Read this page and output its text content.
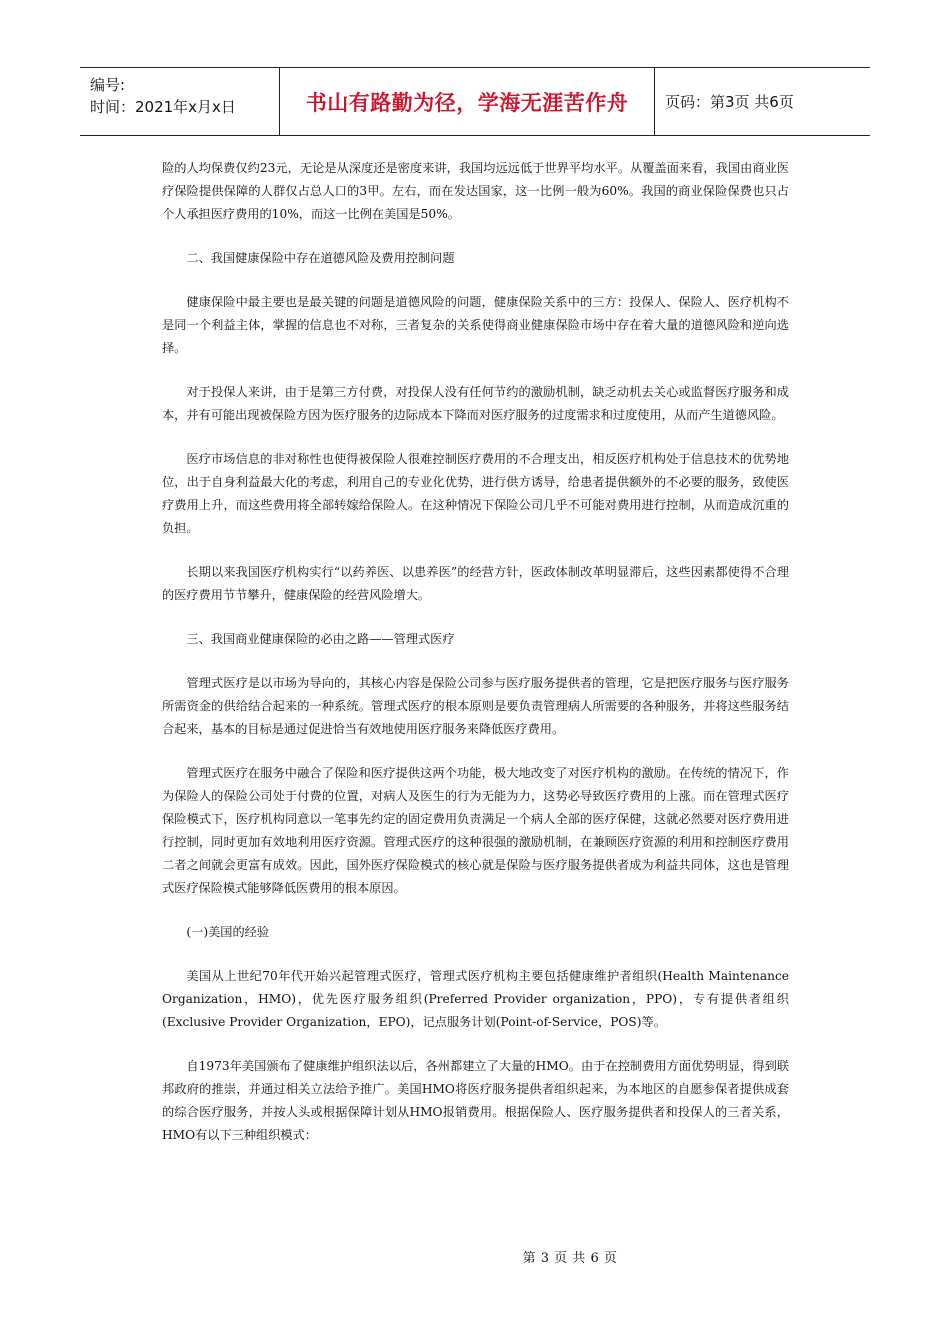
编号:
时间：2021年x月x日	书山有路勤为径，学海无涯苦作舟	页码：第3页 共6页

险的人均保费仅约23元，无论是从深度还是密度来讲，我国均远远低于世界平均水平。从覆盖面来看，我国由商业医疗保险提供保障的人群仅占总人口的3甲。左右，而在发达国家，这一比例一般为60%。我国的商业保险保费也只占个人承担医疗费用的10%，而这一比例在美国是50%。

二、我国健康保险中存在道德风险及费用控制问题

健康保险中最主要也是最关键的问题是道德风险的问题，健康保险关系中的三方：投保人、保险人、医疗机构不是同一个利益主体，掌握的信息也不对称，三者复杂的关系使得商业健康保险市场中存在着大量的道德风险和逆向选择。

对于投保人来讲，由于是第三方付费，对投保人没有任何节约的激励机制，缺乏动机去关心或监督医疗服务和成本，并有可能出现被保险方因为医疗服务的边际成本下降而对医疗服务的过度需求和过度使用，从而产生道德风险。

医疗市场信息的非对称性也使得被保险人很难控制医疗费用的不合理支出，相反医疗机构处于信息技术的优势地位，出于自身利益最大化的考虑，利用自己的专业化优势，进行供方诱导，给患者提供额外的不必要的服务，致使医疗费用上升，而这些费用将全部转嫁给保险人。在这种情况下保险公司几乎不可能对费用进行控制，从而造成沉重的负担。

长期以来我国医疗机构实行“以药养医、以患养医”的经营方针，医政体制改革明显滞后，这些因素都使得不合理的医疗费用节节攀升，健康保险的经营风险增大。

三、我国商业健康保险的必由之路——管理式医疗

管理式医疗是以市场为导向的，其核心内容是保险公司参与医疗服务提供者的管理，它是把医疗服务与医疗服务所需资金的供给结合起来的一种系统。管理式医疗的根本原则是要负责管理病人所需要的各种服务，并将这些服务结合起来，基本的目标是通过促进恰当有效地使用医疗服务来降低医疗费用。

管理式医疗在服务中融合了保险和医疗提供这两个功能，极大地改变了对医疗机构的激励。在传统的情况下，作为保险人的保险公司处于付费的位置，对病人及医生的行为无能为力，这势必导致医疗费用的上涨。而在管理式医疗保险模式下，医疗机构同意以一笔事先约定的固定费用负责满足一个病人全部的医疗保健，这就必然要对医疗费用进行控制，同时更加有效地利用医疗资源。管理式医疗的这种很强的激励机制，在兼顾医疗资源的利用和控制医疗费用二者之间就会更富有成效。因此，国外医疗保险模式的核心就是保险与医疗服务提供者成为利益共同体，这也是管理式医疗保险模式能够降低医费用的根本原因。

(一)美国的经验

美国从上世纪70年代开始兴起管理式医疗，管理式医疗机构主要包括健康维护者组织(Health Maintenance Organization，HMO)，优先医疗服务组织(Preferred Provider organization，PPO)，专有提供者组织(Exclusive Provider Organization，EPO)，记点服务计划(Point-of-Service，POS)等。

自1973年美国颁布了健康维护组织法以后，各州都建立了大量的HMO。由于在控制费用方面优势明显，得到联邦政府的推崇，并通过相关立法给予推广。美国HMO将医疗服务提供者组织起来，为本地区的自愿参保者提供成套的综合医疗服务，并按人头或根据保障计划从HMO报销费用。根据保险人、医疗服务提供者和投保人的三者关系，HMO有以下三种组织模式：

第 3 页 共 6 页
